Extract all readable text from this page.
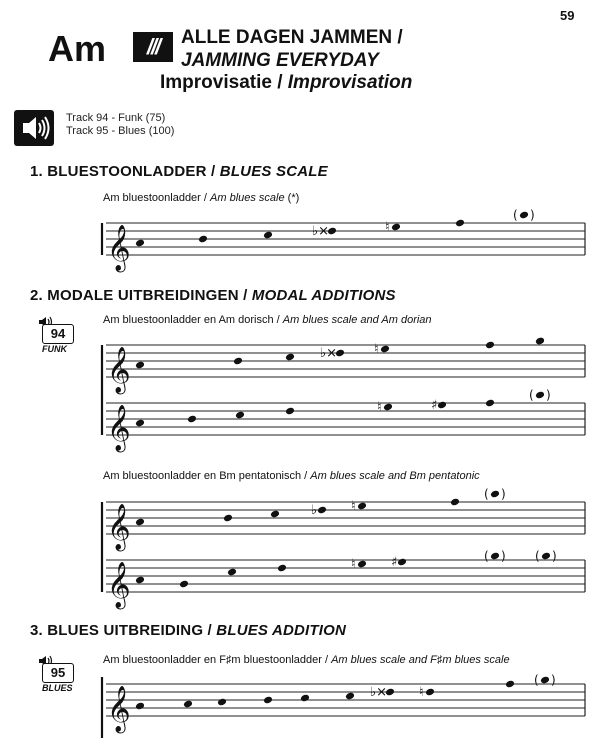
59
Am	///	ALLE DAGEN JAMMEN /
JAMMING EVERYDAY
Improvisatie / Improvisation
Track 94 - Funk (75)
Track 95 - Blues (100)
1. BLUESTOONLADDER / BLUES SCALE
Am bluestoonladder / Am blues scale (*)
𝄞	♭×	♮
( )
2. MODALE UITBREIDINGEN / MODAL ADDITIONS
94
FUNK
Am bluestoonladder en Am dorisch / Am blues scale and Am dorian
𝄞	♭×	♮
𝄞	♮	♯
( )
Am bluestoonladder en Bm pentatonisch / Am blues scale and Bm pentatonic
𝄞	♭	♮
( )
𝄞	♮	♯	( ) ( )
3. BLUES UITBREIDING / BLUES ADDITION
95
BLUES
Am bluestoonladder en F♯m bluestoonladder / Am blues scale and F♯m blues scale
𝄞	♭× ♮
( )
